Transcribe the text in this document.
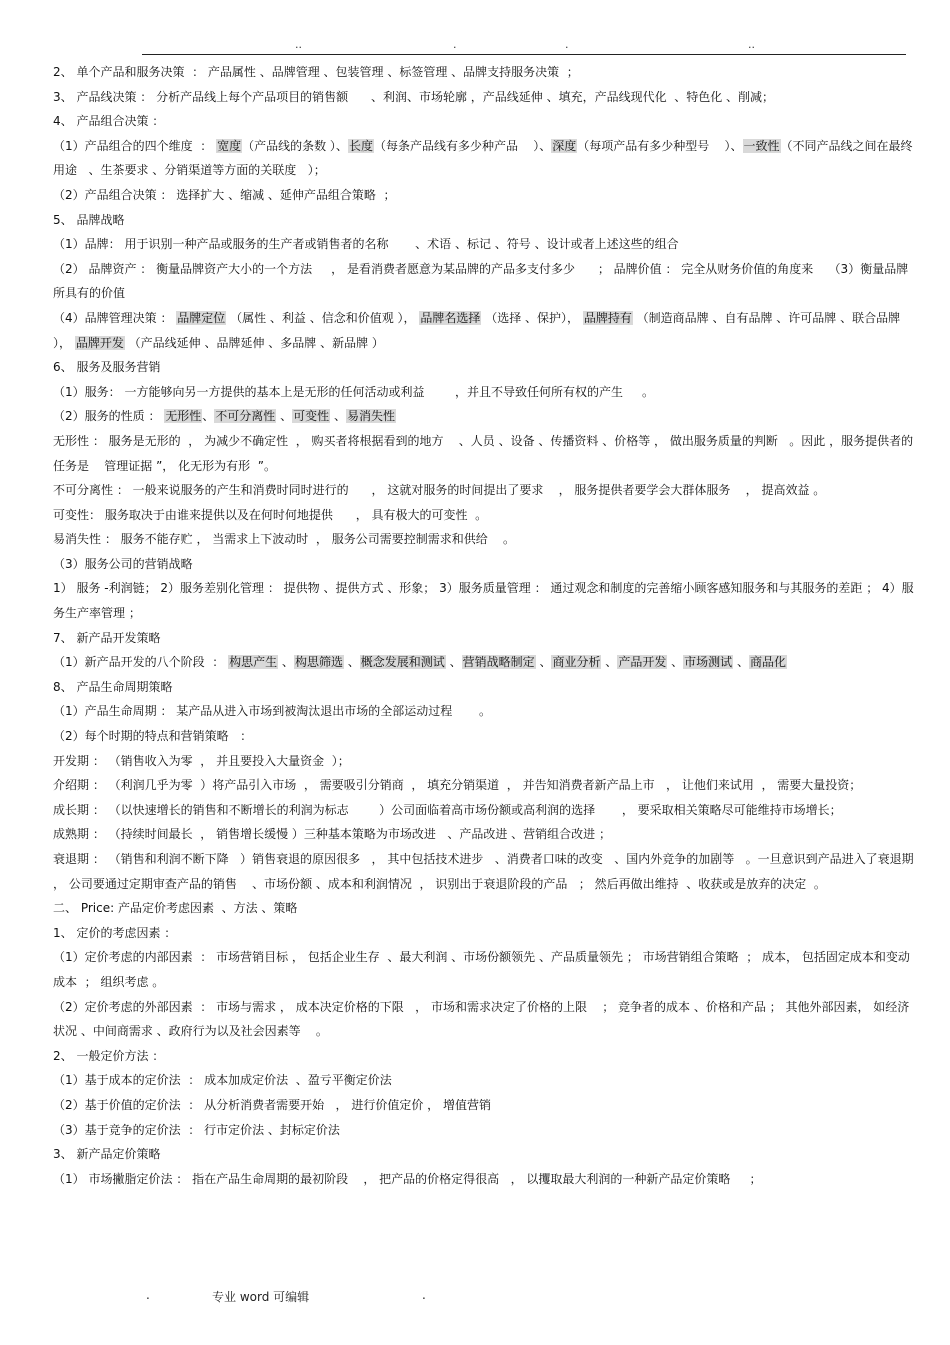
..	.	.	..

2、 单个产品和服务决策  ： 产品属性 、品牌管理 、包装管理 、标签管理 、品牌支持服务决策  ；

3、 产品线决策 ： 分析产品线上每个产品项目的销售额      、利润、市场轮廓 ，产品线延伸 、填充，产品线现代化  、特色化 、削减；

4、 产品组合决策 ：

（1）产品组合的四个维度  ： 宽度（产品线的条数 ）、长度（每条产品线有多少种产品    ）、深度（每项产品有多少种型号    ）、一致性（不同产品线之间在最终用途   、生茶要求 、分销渠道等方面的关联度   ）；

（2）产品组合决策 ： 选择扩大 、缩减 、延伸产品组合策略  ；

5、 品牌战略

（1）品牌： 用于识别一种产品或服务的生产者或销售者的名称       、术语 、标记 、符号 、设计或者上述这些的组合

（2） 品牌资产 ： 衡量品牌资产大小的一个方法     ， 是看消费者愿意为某品牌的产品多支付多少      ； 品牌价值 ： 完全从财务价值的角度来    （3）衡量品牌所具有的价值

（4）品牌管理决策 ： 品牌定位 （属性 、利益 、信念和价值观 ）， 品牌名选择 （选择 、保护）， 品牌持有 （制造商品牌 、自有品牌 、许可品牌 、联合品牌 ）， 品牌开发 （产品线延伸 、品牌延伸 、多品牌 、新品牌 ）

6、 服务及服务营销

（1）服务： 一方能够向另一方提供的基本上是无形的任何活动或利益        ，并且不导致任何所有权的产生     。

（2）服务的性质 ： 无形性、不可分离性 、可变性 、易消失性

无形性 ： 服务是无形的  ， 为减少不确定性  ， 购买者将根据看到的地方    、人员 、设备 、传播资料 、价格等 ， 做出服务质量的判断   。因此 ，服务提供者的任务是    管理证据 ”， 化无形为有形  ”。

不可分离性 ： 一般来说服务的产生和消费时同时进行的      ， 这就对服务的时间提出了要求    ， 服务提供者要学会大群体服务    ， 提高效益 。

可变性： 服务取决于由谁来提供以及在何时何地提供      ， 具有极大的可变性  。

易消失性 ： 服务不能存贮 ， 当需求上下波动时  ， 服务公司需要控制需求和供给    。

（3）服务公司的营销战略

1） 服务 -利润链； 2）服务差别化管理 ： 提供物 、提供方式 、形象； 3）服务质量管理 ： 通过观念和制度的完善缩小顾客感知服务和与其服务的差距 ； 4）服务生产率管理 ；

7、 新产品开发策略

（1）新产品开发的八个阶段  ： 构思产生 、构思筛选 、概念发展和测试 、营销战略制定 、商业分析 、产品开发 、市场测试 、商品化

8、 产品生命周期策略

（1）产品生命周期 ： 某产品从进入市场到被淘汰退出市场的全部运动过程       。

（2）每个时期的特点和营销策略   ：

开发期 ： （销售收入为零  ， 并且要投入大量资金  ）；

介绍期 ： （利润几乎为零  ）将产品引入市场  ， 需要吸引分销商  ， 填充分销渠道  ， 并告知消费者新产品上市   ， 让他们来试用  ， 需要大量投资；

成长期 ： （以快速增长的销售和不断增长的利润为标志        ）公司面临着高市场份额或高利润的选择       ， 要采取相关策略尽可能维持市场增长；

成熟期 ： （持续时间最长  ， 销售增长缓慢 ）三种基本策略为市场改进   、产品改进 、营销组合改进 ；

衰退期 ： （销售和利润不断下降   ）销售衰退的原因很多   ， 其中包括技术进步   、消费者口味的改变   、国内外竞争的加剧等   。一旦意识到产品进入了衰退期  ， 公司要通过定期审查产品的销售    、市场份额 、成本和利润情况  ， 识别出于衰退阶段的产品   ； 然后再做出维持  、收获或是放弃的决定  。

二、 Price: 产品定价考虑因素  、方法 、策略

1、 定价的考虑因素 ：

（1）定价考虑的内部因素  ： 市场营销目标 ， 包括企业生存  、最大利润 、市场份额领先 、产品质量领先 ； 市场营销组合策略  ； 成本， 包括固定成本和变动成本  ； 组织考虑 。

（2）定价考虑的外部因素  ： 市场与需求 ， 成本决定价格的下限   ， 市场和需求决定了价格的上限    ； 竞争者的成本 、价格和产品 ； 其他外部因素， 如经济状况 、中间商需求 、政府行为以及社会因素等    。

2、 一般定价方法 ：

（1）基于成本的定价法  ： 成本加成定价法  、盈亏平衡定价法

（2）基于价值的定价法  ： 从分析消费者需要开始   ， 进行价值定价 ， 增值营销

（3）基于竞争的定价法  ： 行市定价法 、封标定价法

3、 新产品定价策略

（1） 市场撇脂定价法 ： 指在产品生命周期的最初阶段    ， 把产品的价格定得很高   ， 以攫取最大利润的一种新产品定价策略     ；

.	专业 word 可编辑	.
